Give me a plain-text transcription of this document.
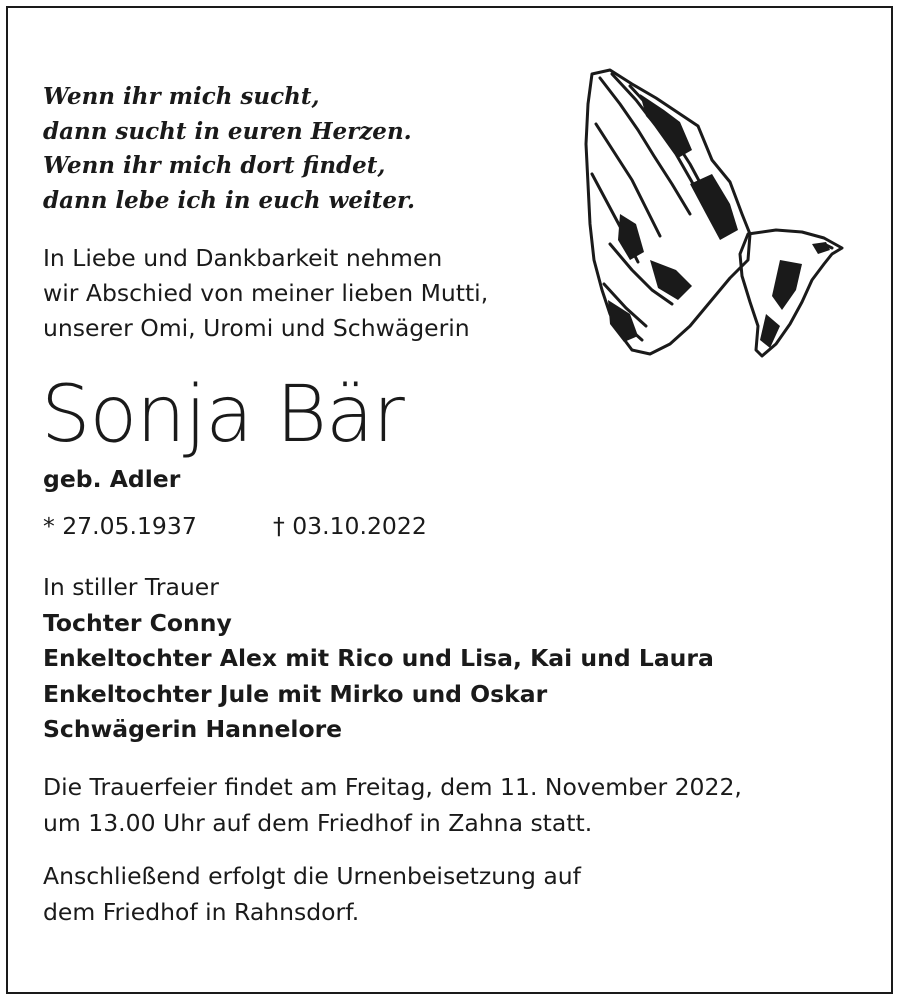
Wenn ihr mich sucht,
dann sucht in euren Herzen.
Wenn ihr mich dort findet,
dann lebe ich in euch weiter.
In Liebe und Dankbarkeit nehmen
wir Abschied von meiner lieben Mutti,
unserer Omi, Uromi und Schwägerin
Sonja Bär
geb. Adler
* 27.05.1937	† 03.10.2022
In stiller Trauer
Tochter Conny
Enkeltochter Alex mit Rico und Lisa, Kai und Laura
Enkeltochter Jule mit Mirko und Oskar
Schwägerin Hannelore
Die Trauerfeier findet am Freitag, dem 11. November 2022,
um 13.00 Uhr auf dem Friedhof in Zahna statt.
Anschließend erfolgt die Urnenbeisetzung auf
dem Friedhof in Rahnsdorf.
